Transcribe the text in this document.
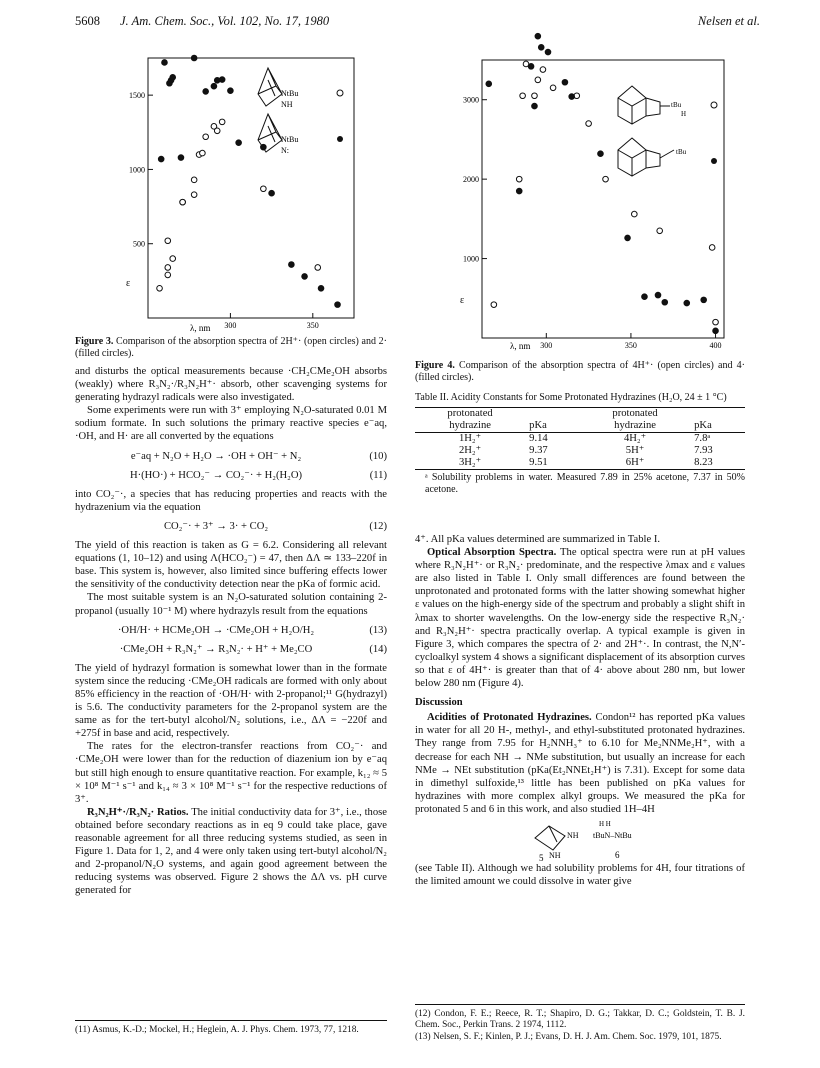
5608 J. Am. Chem. Soc., Vol. 102, No. 17, 1980	Nelsen et al.
1500
1000
500
300	350
NtBu
NH
NtBu
N:
ε
λ, nm
Figure 3. Comparison of the absorption spectra of 2H⁺· (open circles) and 2· (filled circles).
3000
2000
1000
300	350	400
tBu
H
tBu
ε
λ, nm
Figure 4. Comparison of the absorption spectra of 4H⁺· (open circles) and 4· (filled circles).

and disturbs the optical measurements because ·CH₂CMe₂OH absorbs (weakly) where R₃N₂·/R₃N₂H⁺· absorb, other scavenging systems for generating hydrazyl radicals were also investigated.

Some experiments were run with 3⁺ employing N₂O-saturated 0.01 M sodium formate. In such solutions the primary reactive species e⁻aq, ·OH, and H· are all converted by the equations

e⁻aq + N₂O + H₂O → ·OH + OH⁻ + N₂	(10)
H·(HO·) + HCO₂⁻ → CO₂⁻· + H₂(H₂O)	(11)

into CO₂⁻·, a species that has reducing properties and reacts with the hydrazenium via the equation

CO₂⁻· + 3⁺ → 3· + CO₂	(12)

The yield of this reaction is taken as G = 6.2. Considering all relevant equations (1, 10–12) and using Λ(HCO₂⁻) = 47, then ΔΛ ≃ 133–220f in base. This system is, however, also limited since buffering effects lower the sensitivity of the conductivity detection near the pKa of formic acid.

The most suitable system is an N₂O-saturated solution containing 2-propanol (usually 10⁻¹ M) where hydrazyls result from the equations

·OH/H· + HCMe₂OH → ·CMe₂OH + H₂O/H₂	(13)
·CMe₂OH + R₃N₂⁺ → R₃N₂· + H⁺ + Me₂CO	(14)

The yield of hydrazyl formation is somewhat lower than in the formate system since the reducing ·CMe₂OH radicals are formed with only about 85% efficiency in the reaction of ·OH/H· with 2-propanol;¹¹ G(hydrazyl) is 5.6. The conductivity parameters for the 2-propanol system are the same as for the tert-butyl alcohol/N₂ solutions, i.e., ΔΛ = −220f and +275f in base and acid, respectively.

The rates for the electron-transfer reactions from CO₂⁻· and ·CMe₂OH were lower than for the reduction of diazenium ion by e⁻aq but still high enough to ensure quantitative reaction. For example, k₁₂ ≈ 5 × 10⁸ M⁻¹ s⁻¹ and k₁₄ ≈ 3 × 10⁸ M⁻¹ s⁻¹ for the respective reductions of 3⁺.

R₃N₂H⁺·/R₃N₂· Ratios. The initial conductivity data for 3⁺, i.e., those obtained before secondary reactions as in eq 9 could take place, gave reasonable agreement for all three reducing systems studied, as seen in Figure 1. Data for 1, 2, and 4 were only taken using tert-butyl alcohol/N₂ and 2-propanol/N₂O systems, and again good agreement between the reducing systems was observed. Figure 2 shows the ΔΛ vs. pH curve generated for

(11) Asmus, K.-D.; Mockel, H.; Heglein, A. J. Phys. Chem. 1973, 77, 1218.
Table II. Acidity Constants for Some Protonated Hydrazines (H₂O, 24 ± 1 °C)
protonated		protonated	
hydrazine	pKa	hydrazine	pKa
1H₂⁺	9.14	4H₂⁺	7.8ᵃ
2H₂⁺	9.37	5H⁺	7.93
3H₂⁺	9.51	6H⁺	8.23
ᵃ Solubility problems in water. Measured 7.89 in 25% acetone, 7.37 in 50% acetone.

4⁺. All pKa values determined are summarized in Table I.

Optical Absorption Spectra. The optical spectra were run at pH values where R₃N₂H⁺· or R₃N₂· predominate, and the respective λmax and ε values are also listed in Table I. Only small differences are found between the unprotonated and protonated forms with the latter showing somewhat higher ε values on the high-energy side of the spectrum and probably a slight shift in λmax to shorter wavelengths. On the low-energy side the respective R₃N₂· and R₃N₂H⁺· spectra practically overlap. A typical example is given in Figure 3, which compares the spectra of 2· and 2H⁺·. In contrast, the N,N′-cycloalkyl system 4 shows a significant displacement of its absorption curves so that ε of 4H⁺· is greater than that of 4· above about 280 nm, but lower below 280 nm (Figure 4).

Discussion

Acidities of Protonated Hydrazines. Condon¹² has reported pKa values in water for all 20 H-, methyl-, and ethyl-substituted protonated hydrazines. They range from 7.95 for H₂NNH₃⁺ to 6.10 for Me₂NNMe₂H⁺, with a decrease for each NH → NMe substitution, but usually an increase for each NMe → NEt substitution (pKa(Et₂NNEt₂H⁺) is 7.31). Except for some data in dimethyl sulfoxide,¹³ little has been published on pKa values for hydrazines with more complex alkyl groups. We measured the pKa for protonated 5 and 6 in this work, and also studied 1H–4H

NH
NH
5
H H
tBuN–NtBu
6

(see Table II). Although we had solubility problems for 4H, four titrations of the limited amount we could dissolve in water give

(12) Condon, F. E.; Reece, R. T.; Shapiro, D. G.; Takkar, D. C.; Goldstein, T. B. J. Chem. Soc., Perkin Trans. 2 1974, 1112.

(13) Nelsen, S. F.; Kinlen, P. J.; Evans, D. H. J. Am. Chem. Soc. 1979, 101, 1875.
